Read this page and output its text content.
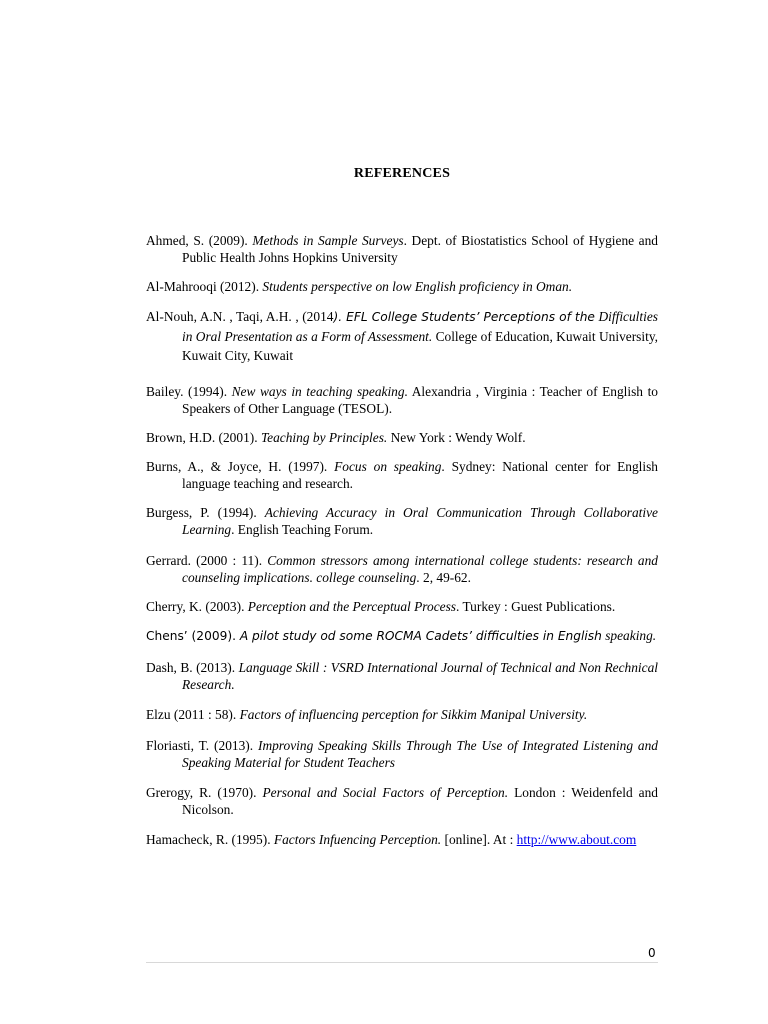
REFERENCES
Ahmed, S. (2009). Methods in Sample Surveys. Dept. of Biostatistics School of Hygiene and Public Health Johns Hopkins University
Al-Mahrooqi (2012). Students perspective on low English proficiency in Oman.
Al-Nouh, A.N. , Taqi, A.H. , (2014). EFL College Students’ Perceptions of the Difficulties in Oral Presentation as a Form of Assessment. College of Education, Kuwait University, Kuwait City, Kuwait
Bailey. (1994). New ways in teaching speaking. Alexandria , Virginia : Teacher of English to Speakers of Other Language (TESOL).
Brown, H.D. (2001). Teaching by Principles. New York : Wendy Wolf.
Burns, A., & Joyce, H. (1997). Focus on speaking. Sydney: National center for English language teaching and research.
Burgess, P. (1994). Achieving Accuracy in Oral Communication Through Collaborative Learning. English Teaching Forum.
Gerrard. (2000 : 11). Common stressors among international college students: research and counseling implications. college counseling. 2, 49-62.
Cherry, K. (2003). Perception and the Perceptual Process. Turkey : Guest Publications.
Chens’ (2009). A pilot study od some ROCMA Cadets’ difficulties in English speaking.
Dash, B. (2013). Language Skill : VSRD International Journal of Technical and Non Rechnical Research.
Elzu (2011 : 58). Factors of influencing perception for Sikkim Manipal University.
Floriasti, T. (2013). Improving Speaking Skills Through The Use of Integrated Listening and Speaking Material for Student Teachers
Grerogy, R. (1970). Personal and Social Factors of Perception. London : Weidenfeld and Nicolson.
Hamacheck, R. (1995). Factors Infuencing Perception. [online]. At : http://www.about.com
0
